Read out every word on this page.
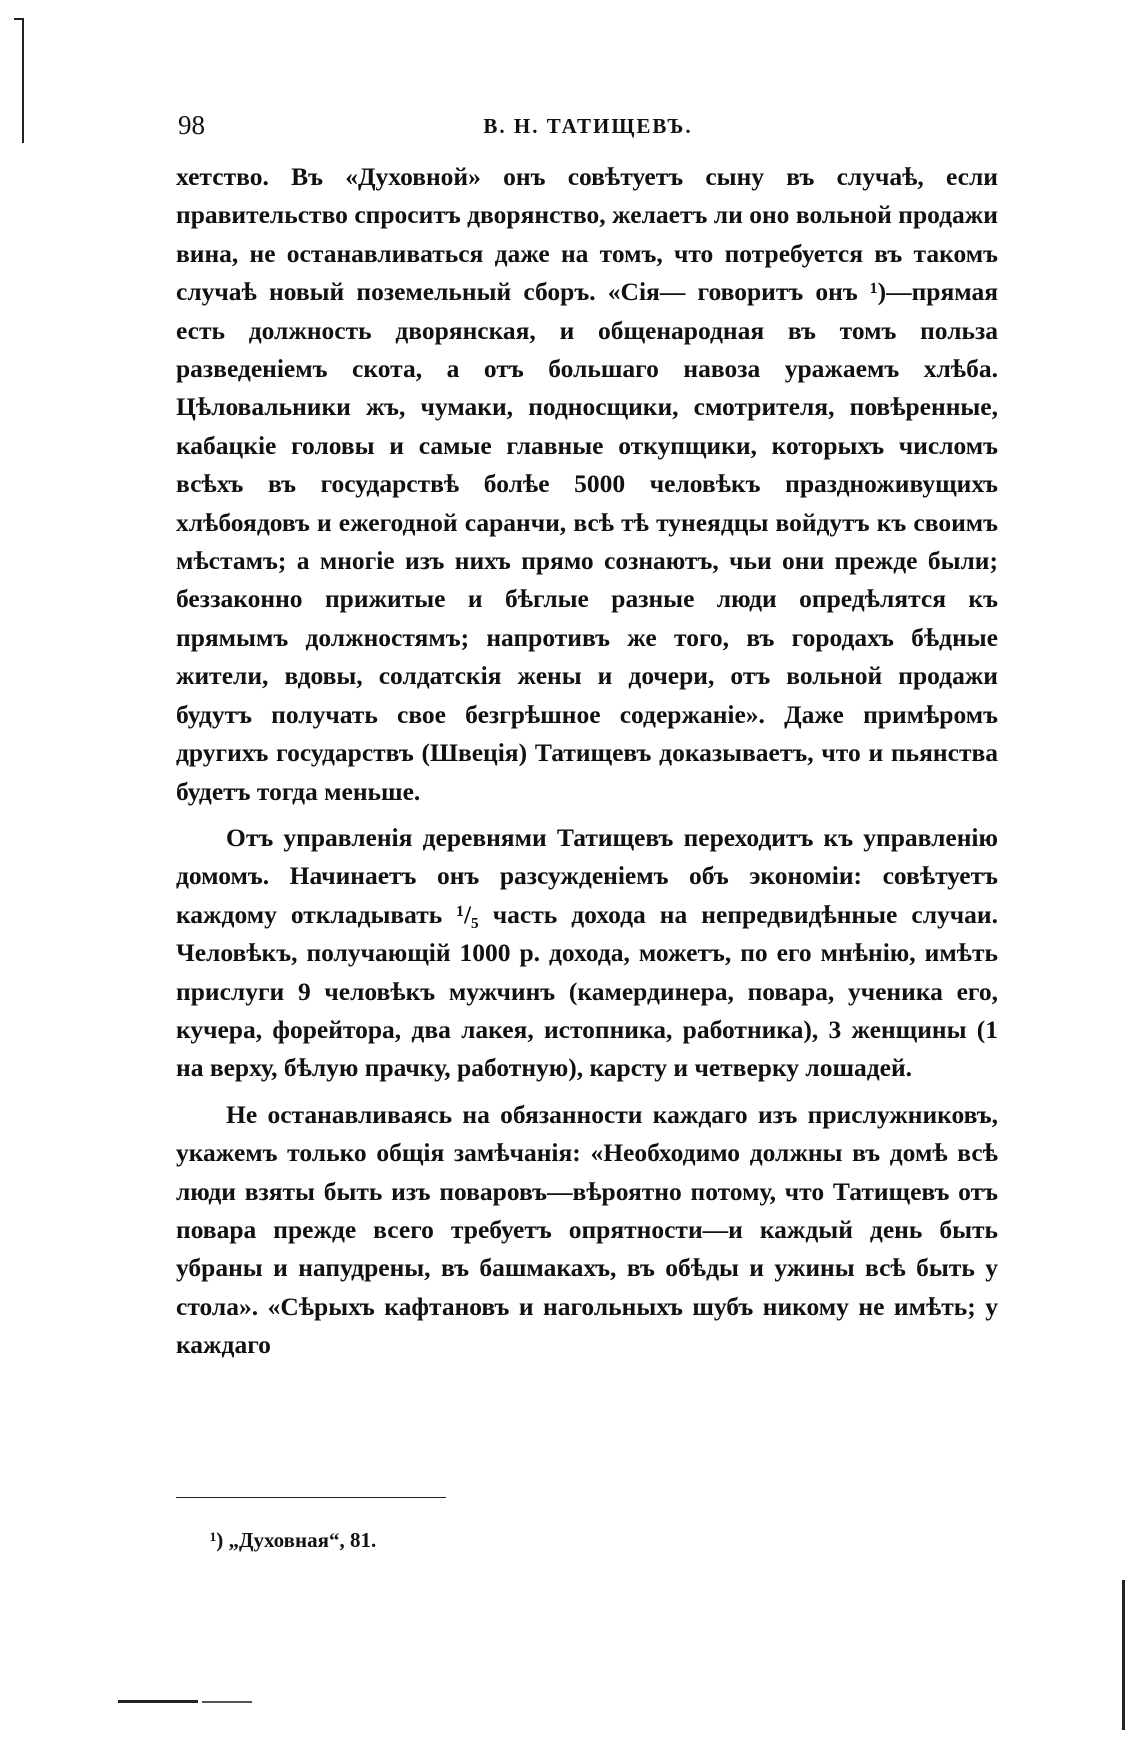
98	В. Н. ТАТИЩЕВЪ.

хетство. Въ «Духовной» онъ совѣтуетъ сыну въ случаѣ, если правительство спроситъ дворянство, желаетъ ли оно вольной продажи вина, не останавливаться даже на томъ, что потребуется въ такомъ случаѣ новый поземельный сборъ. «Сія— говоритъ онъ ¹)—прямая есть должность дворянская, и общенародная въ томъ польза разведеніемъ скота, а отъ большаго навоза уражаемъ хлѣба. Цѣловальники жъ, чумаки, подносщики, смотрителя, повѣренные, кабацкіе головы и самые главные откупщики, которыхъ числомъ всѣхъ въ государствѣ болѣе 5000 человѣкъ праздноживущихъ хлѣбоядовъ и ежегодной саранчи, всѣ тѣ тунеядцы войдутъ къ своимъ мѣстамъ; а многіе изъ нихъ прямо сознаютъ, чьи они прежде были; беззаконно прижитые и бѣглые разные люди опредѣлятся къ прямымъ должностямъ; напротивъ же того, въ городахъ бѣдные жители, вдовы, солдатскія жены и дочери, отъ вольной продажи будутъ получать свое безгрѣшное содержаніе». Даже примѣромъ другихъ государствъ (Швеція) Татищевъ доказываетъ, что и пьянства будетъ тогда меньше.

Отъ управленія деревнями Татищевъ переходитъ къ управленію домомъ. Начинаетъ онъ разсужденіемъ объ экономіи: совѣтуетъ каждому откладывать ¹/₅ часть дохода на непредвидѣнные случаи. Человѣкъ, получающій 1000 р. дохода, можетъ, по его мнѣнію, имѣть прислуги 9 человѣкъ мужчинъ (камердинера, повара, ученика его, кучера, форейтора, два лакея, истопника, работника), 3 женщины (1 на верху, бѣлую прачку, работную), карсту и четверку лошадей.

Не останавливаясь на обязанности каждаго изъ прислужниковъ, укажемъ только общія замѣчанія: «Необходимо должны въ домѣ всѣ люди взяты быть изъ поваровъ—вѣроятно потому, что Татищевъ отъ повара прежде всего требуетъ опрятности—и каждый день быть убраны и напудрены, въ башмакахъ, въ обѣды и ужины всѣ быть у стола». «Сѣрыхъ кафтановъ и нагольныхъ шубъ никому не имѣть; у каждаго

¹) „Духовная“, 81.
